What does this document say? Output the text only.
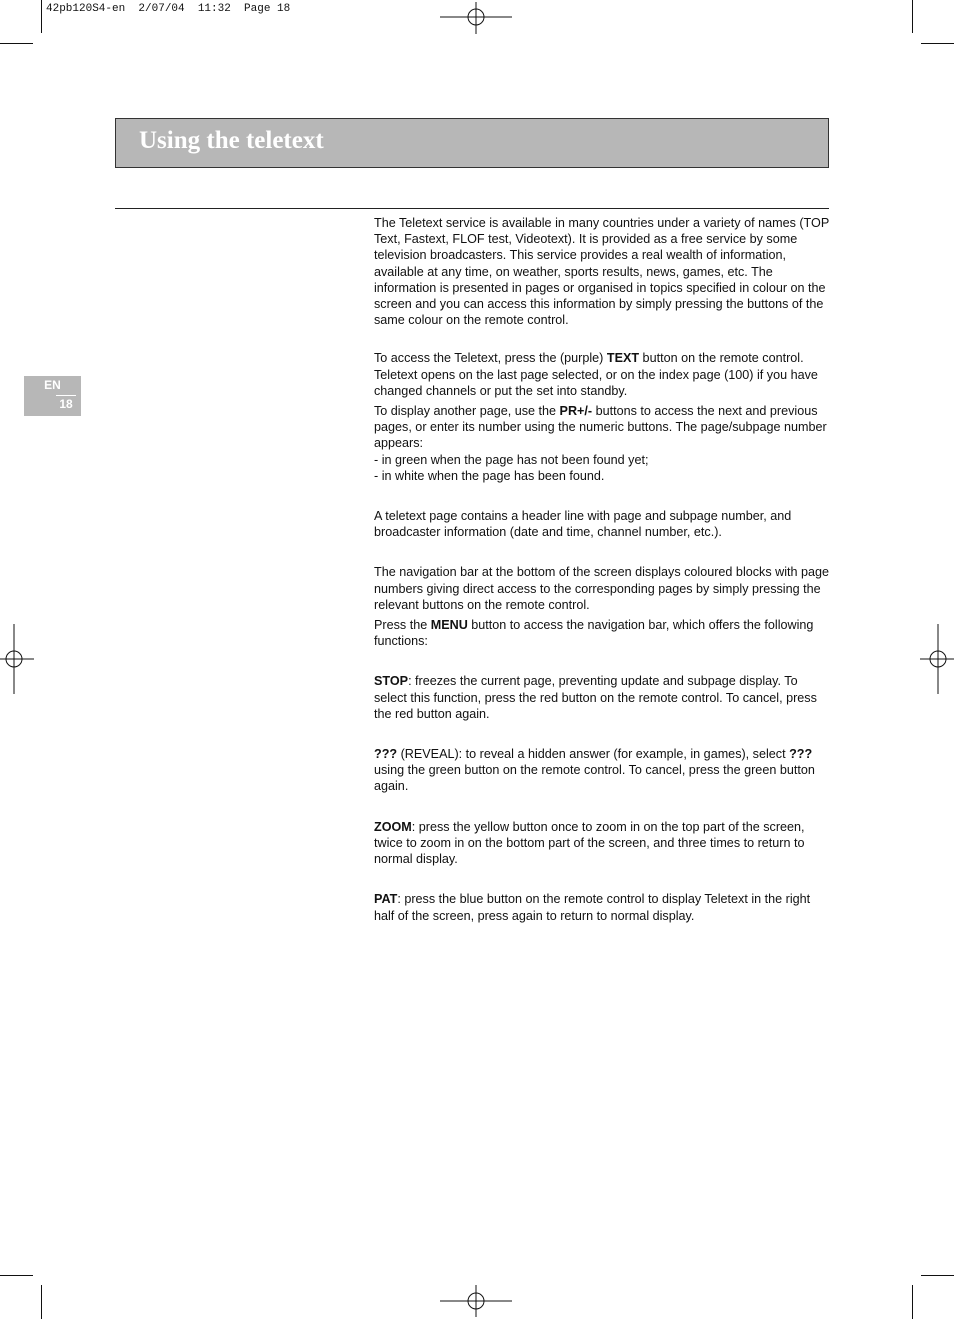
42pb120S4-en  2/07/04  11:32  Page 18
Using the teletext
EN
18

The Teletext service is available in many countries under a variety of names (TOP Text, Fastext, FLOF test, Videotext). It is provided as a free service by some television broadcasters. This service provides a real wealth of information, available at any time, on weather, sports results, news, games, etc. The information is presented in pages or organised in topics specified in colour on the screen and you can access this information by simply pressing the buttons of the same colour on the remote control.

To access the Teletext, press the (purple) TEXT button on the remote control. Teletext opens on the last page selected, or on the index page (100) if you have changed channels or put the set into standby.

To display another page, use the PR+/- buttons to access the next and previous pages, or enter its number using the numeric buttons. The page/subpage number appears:
- in green when the page has not been found yet;
- in white when the page has been found.

A teletext page contains a header line with page and subpage number, and broadcaster information (date and time, channel number, etc.).

The navigation bar at the bottom of the screen displays coloured blocks with page numbers giving direct access to the corresponding pages by simply pressing the relevant buttons on the remote control.

Press the MENU button to access the navigation bar, which offers the following functions:

STOP: freezes the current page, preventing update and subpage display. To select this function, press the red button on the remote control. To cancel, press the red button again.

??? (REVEAL): to reveal a hidden answer (for example, in games), select ??? using the green button on the remote control. To cancel, press the green button again.

ZOOM: press the yellow button once to zoom in on the top part of the screen, twice to zoom in on the bottom part of the screen, and three times to return to normal display.

PAT: press the blue button on the remote control to display Teletext in the right half of the screen, press again to return to normal display.
